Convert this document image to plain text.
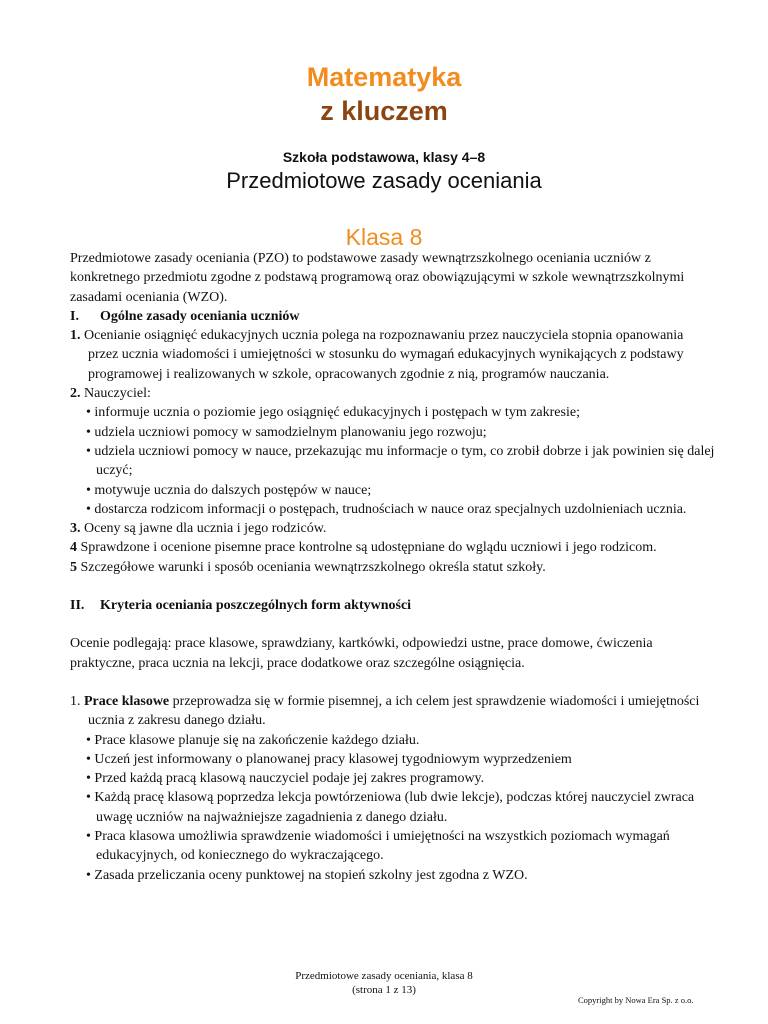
Matematyka
z kluczem
Szkoła podstawowa, klasy 4–8
Przedmiotowe zasady oceniania
Klasa 8

Przedmiotowe zasady oceniania (PZO) to podstawowe zasady wewnątrzszkolnego oceniania uczniów z konkretnego przedmiotu zgodne z podstawą programową oraz obowiązującymi w szkole wewnątrzszkolnymi zasadami oceniania (WZO).

I. Ogólne zasady oceniania uczniów

1. Ocenianie osiągnięć edukacyjnych ucznia polega na rozpoznawaniu przez nauczyciela stopnia opanowania przez ucznia wiadomości i umiejętności w stosunku do wymagań edukacyjnych wynikających z podstawy programowej i realizowanych w szkole, opracowanych zgodnie z nią, programów nauczania.

2. Nauczyciel:

• informuje ucznia o poziomie jego osiągnięć edukacyjnych i postępach w tym zakresie;

• udziela uczniowi pomocy w samodzielnym planowaniu jego rozwoju;

• udziela uczniowi pomocy w nauce, przekazując mu informacje o tym, co zrobił dobrze i jak powinien się dalej uczyć;

• motywuje ucznia do dalszych postępów w nauce;

• dostarcza rodzicom informacji o postępach, trudnościach w nauce oraz specjalnych uzdolnieniach ucznia.

3. Oceny są jawne dla ucznia i jego rodziców.

4 Sprawdzone i ocenione pisemne prace kontrolne są udostępniane do wglądu uczniowi i jego rodzicom.

5 Szczegółowe warunki i sposób oceniania wewnątrzszkolnego określa statut szkoły.

II. Kryteria oceniania poszczególnych form aktywności

Ocenie podlegają: prace klasowe, sprawdziany, kartkówki, odpowiedzi ustne, prace domowe, ćwiczenia praktyczne, praca ucznia na lekcji, prace dodatkowe oraz szczególne osiągnięcia.

1. Prace klasowe przeprowadza się w formie pisemnej, a ich celem jest sprawdzenie wiadomości i umiejętności ucznia z zakresu danego działu.

• Prace klasowe planuje się na zakończenie każdego działu.

• Uczeń jest informowany o planowanej pracy klasowej tygodniowym wyprzedzeniem

• Przed każdą pracą klasową nauczyciel podaje jej zakres programowy.

• Każdą pracę klasową poprzedza lekcja powtórzeniowa (lub dwie lekcje), podczas której nauczyciel zwraca uwagę uczniów na najważniejsze zagadnienia z danego działu.

• Praca klasowa umożliwia sprawdzenie wiadomości i umiejętności na wszystkich poziomach wymagań edukacyjnych, od koniecznego do wykraczającego.

• Zasada przeliczania oceny punktowej na stopień szkolny jest zgodna z WZO.

Przedmiotowe zasady oceniania, klasa 8
(strona 1 z 13)
Copyright by Nowa Era Sp. z o.o.
